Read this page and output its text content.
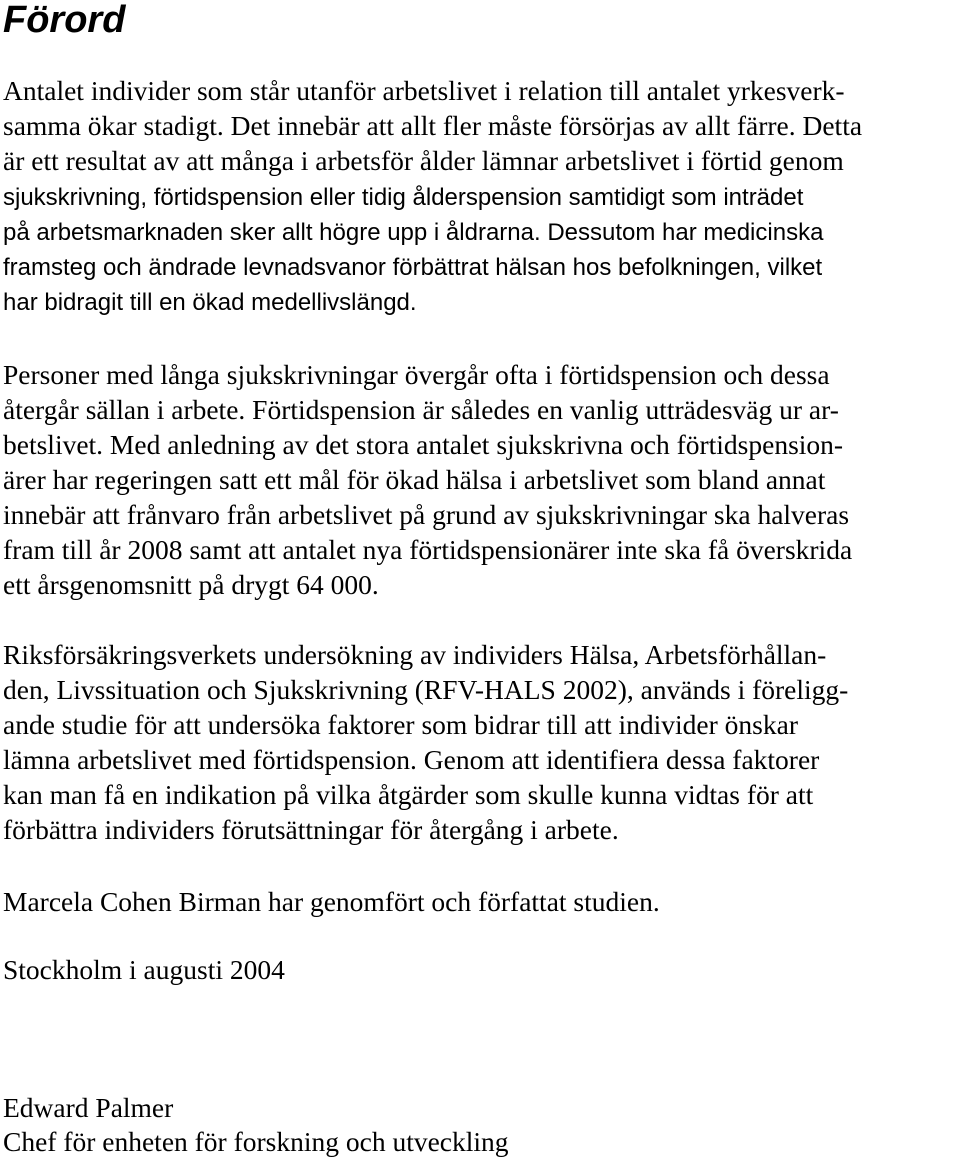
Förord
Antalet individer som står utanför arbetslivet i relation till antalet yrkesverk-
samma ökar stadigt. Det innebär att allt fler måste försörjas av allt färre. Detta
är ett resultat av att många i arbetsför ålder lämnar arbetslivet i förtid genom
sjukskrivning, förtidspension eller tidig ålderspension samtidigt som inträdet
på arbetsmarknaden sker allt högre upp i åldrarna. Dessutom har medicinska
framsteg och ändrade levnadsvanor förbättrat hälsan hos befolkningen, vilket
har bidragit till en ökad medellivslängd.
Personer med långa sjukskrivningar övergår ofta i förtidspension och dessa
återgår sällan i arbete. Förtidspension är således en vanlig utträdesväg ur ar-
betslivet. Med anledning av det stora antalet sjukskrivna och förtidspension-
ärer har regeringen satt ett mål för ökad hälsa i arbetslivet som bland annat
innebär att frånvaro från arbetslivet på grund av sjukskrivningar ska halveras
fram till år 2008 samt att antalet nya förtidspensionärer inte ska få överskrida
ett årsgenomsnitt på drygt 64 000.
Riksförsäkringsverkets undersökning av individers Hälsa, Arbetsförhållan-
den, Livssituation och Sjukskrivning (RFV-HALS 2002), används i föreligg-
ande studie för att undersöka faktorer som bidrar till att individer önskar
lämna arbetslivet med förtidspension. Genom att identifiera dessa faktorer
kan man få en indikation på vilka åtgärder som skulle kunna vidtas för att
förbättra individers förutsättningar för återgång i arbete.

Marcela Cohen Birman har genomfört och författat studien.

Stockholm i augusti 2004

Edward Palmer

Chef för enheten för forskning och utveckling
